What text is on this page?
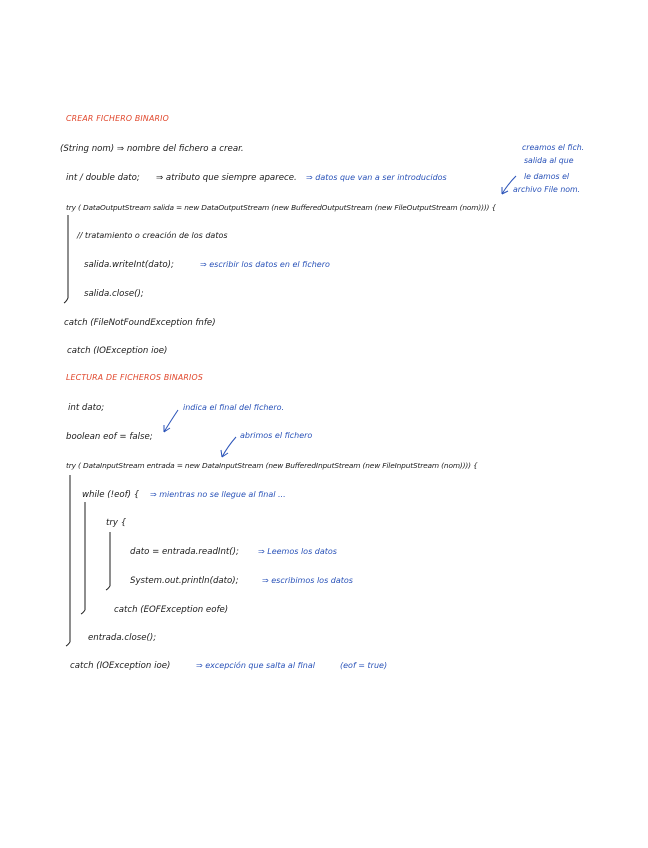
CREAR FICHERO BINARIO
(String nom) ⇒ nombre del fichero a crear.
int / double dato; ⇒ atributo que siempre aparece. ⇒ datos que van a ser introducidos
creamos el fich.
salida al que
le damos el
archivo File nom.
try ( DataOutputStream salida = new DataOutputStream (new BufferedOutputStream (new FileOutputStream (nom)))) {
// tratamiento o creación de los datos
salida.writeInt(dato);	⇒ escribir los datos en el fichero
salida.close();
catch (FileNotFoundException fnfe)
catch (IOException ioe)
LECTURA DE FICHEROS BINARIOS
int dato;	indica el final del fichero.
boolean eof = false;	abrimos el fichero
try ( DataInputStream entrada = new DataInputStream (new BufferedInputStream (new FileInputStream (nom)))) {
while (!eof) { ⇒ mientras no se llegue al final ...
try {
dato = entrada.readInt(); ⇒ Leemos los datos
System.out.println(dato);	⇒ escribimos los datos
catch (EOFException eofe)
entrada.close();
catch (IOException ioe)	⇒ excepción que salta al final	(eof = true)
